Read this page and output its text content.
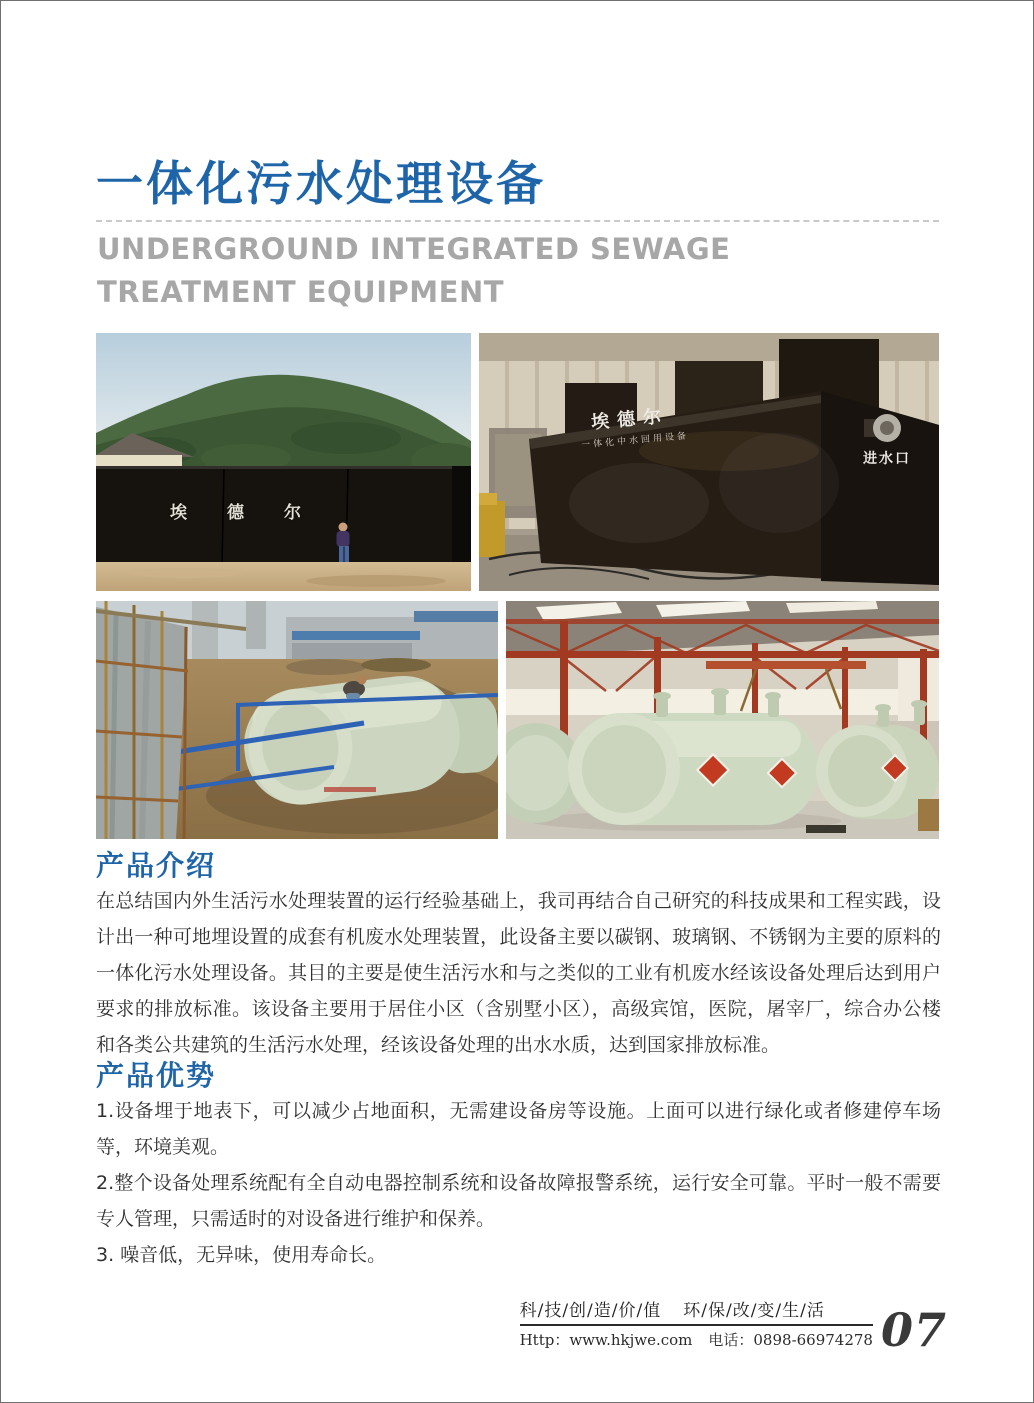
一体化污水处理设备
UNDERGROUND INTEGRATED SEWAGE
TREATMENT EQUIPMENT
埃德尔
埃德尔
一体化中水回用设备
进水口
产品介绍

在总结国内外生活污水处理装置的运行经验基础上，我司再结合自己研究的科技成果和工程实践，设计出一种可地埋设置的成套有机废水处理装置，此设备主要以碳钢、玻璃钢、不锈钢为主要的原料的一体化污水处理设备。其目的主要是使生活污水和与之类似的工业有机废水经该设备处理后达到用户要求的排放标准。该设备主要用于居住小区（含别墅小区），高级宾馆，医院，屠宰厂，综合办公楼和各类公共建筑的生活污水处理，经该设备处理的出水水质，达到国家排放标准。

产品优势

1.设备埋于地表下，可以减少占地面积，无需建设备房等设施。上面可以进行绿化或者修建停车场等，环境美观。

2.整个设备处理系统配有全自动电器控制系统和设备故障报警系统，运行安全可靠。平时一般不需要专人管理，只需适时的对设备进行维护和保养。

3. 噪音低，无异味，使用寿命长。

科/技/创/造/价/值 环/保/改/变/生/活
Http：www.hkjwe.com 电话：0898-66974278 07
